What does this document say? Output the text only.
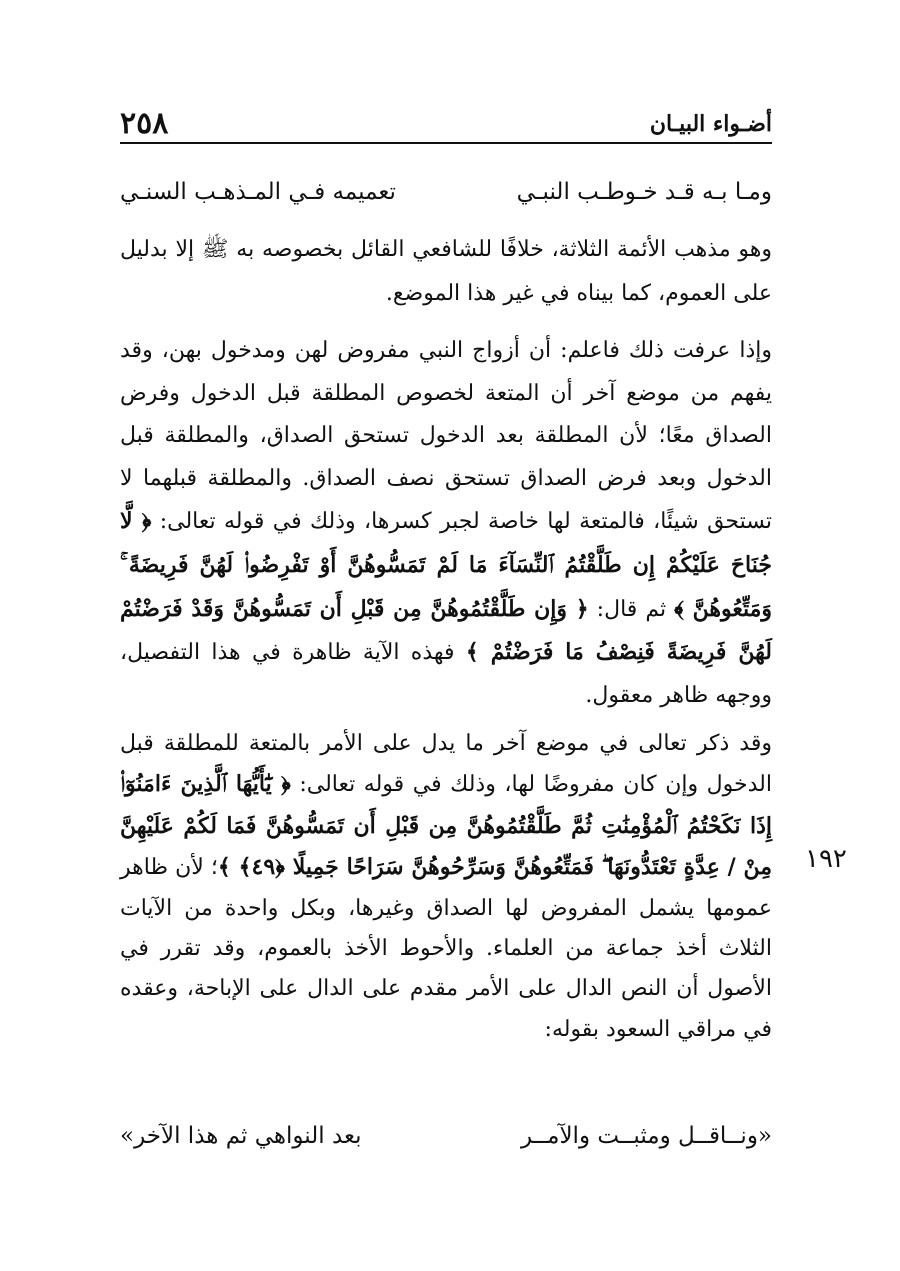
٢٥٨	أضـواء البيـان
ومـا بـه قـد خـوطـب النبـي
تعميمه فـي المـذهـب السنـي

وهو مذهب الأئمة الثلاثة، خلافًا للشافعي القائل بخصوصه به ﷺ إلا بدليل على العموم، كما بيناه في غير هذا الموضع.

وإذا عرفت ذلك فاعلم: أن أزواج النبي مفروض لهن ومدخول بهن، وقد يفهم من موضع آخر أن المتعة لخصوص المطلقة قبل الدخول وفرض الصداق معًا؛ لأن المطلقة بعد الدخول تستحق الصداق، والمطلقة قبل الدخول وبعد فرض الصداق تستحق نصف الصداق. والمطلقة قبلهما لا تستحق شيئًا، فالمتعة لها خاصة لجبر كسرها، وذلك في قوله تعالى: ﴿ لَّا جُنَاحَ عَلَيْكُمْ إِن طَلَّقْتُمُ ٱلنِّسَآءَ مَا لَمْ تَمَسُّوهُنَّ أَوْ تَفْرِضُوا۟ لَهُنَّ فَرِيضَةً ۚ وَمَتِّعُوهُنَّ ﴾ ثم قال: ﴿ وَإِن طَلَّقْتُمُوهُنَّ مِن قَبْلِ أَن تَمَسُّوهُنَّ وَقَدْ فَرَضْتُمْ لَهُنَّ فَرِيضَةً فَنِصْفُ مَا فَرَضْتُمْ ﴾ فهذه الآية ظاهرة في هذا التفصيل، ووجهه ظاهر معقول.

وقد ذكر تعالى في موضع آخر ما يدل على الأمر بالمتعة للمطلقة قبل الدخول وإن كان مفروضًا لها، وذلك في قوله تعالى: ﴿ يَٰٓأَيُّهَا ٱلَّذِينَ ءَامَنُوٓا۟ إِذَا نَكَحْتُمُ ٱلْمُؤْمِنَٰتِ ثُمَّ طَلَّقْتُمُوهُنَّ مِن قَبْلِ أَن تَمَسُّوهُنَّ فَمَا لَكُمْ عَلَيْهِنَّ مِنْ / عِدَّةٍ تَعْتَدُّونَهَا ۖ فَمَتِّعُوهُنَّ وَسَرِّحُوهُنَّ سَرَاحًا جَمِيلًا ﴿٤٩﴾ ﴾؛ لأن ظاهر عمومها يشمل المفروض لها الصداق وغيرها، وبكل واحدة من الآيات الثلاث أخذ جماعة من العلماء. والأحوط الأخذ بالعموم، وقد تقرر في الأصول أن النص الدال على الأمر مقدم على الدال على الإباحة، وعقده في مراقي السعود بقوله:

«ونــاقــل ومثبــت والآمــر
بعد النواهي ثم هذا الآخر»
١٩٢
